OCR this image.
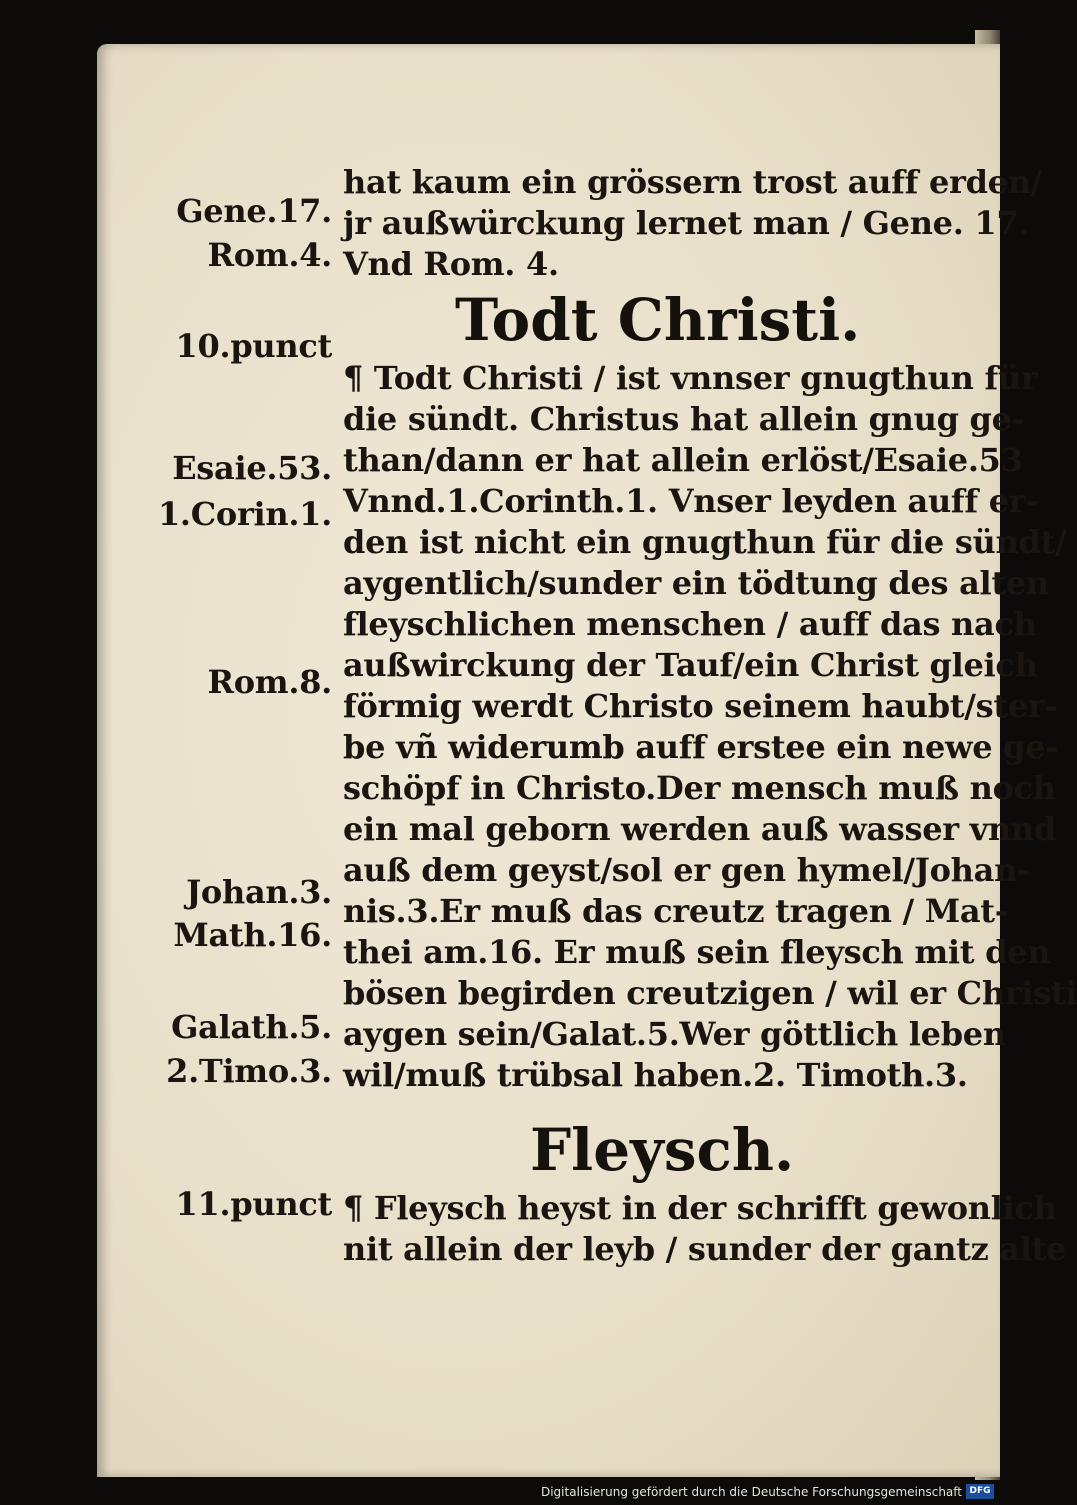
hat kaum ein grössern trost auff erden/
jr außwürckung lernet man / Gene. 17.
Vnd Rom. 4.
Todt Christi.
¶ Todt Christi / ist vnnser gnugthun für
die sündt. Christus hat allein gnug ge-
than/dann er hat allein erlöst/Esaie.53
Vnnd.1.Corinth.1. Vnser leyden auff er-
den ist nicht ein gnugthun für die sündt/
aygentlich/sunder ein tödtung des alten
fleyschlichen menschen / auff das nach
außwirckung der Tauf/ein Christ gleich
förmig werdt Christo seinem haubt/ster-
be vñ widerumb auff erstee ein newe ge-
schöpf in Christo.Der mensch muß noch
ein mal geborn werden auß wasser vnnd
auß dem geyst/sol er gen hymel/Johan-
nis.3.Er muß das creutz tragen / Mat-
thei am.16. Er muß sein fleysch mit den
bösen begirden creutzigen / wil er Christi
aygen sein/Galat.5.Wer göttlich leben
wil/muß trübsal haben.2. Timoth.3.
Fleysch.
¶ Fleysch heyst in der schrifft gewonlich
nit allein der leyb / sunder der gantz alte
Gene.17.
Rom.4.
10.punct
Esaie.53.
1.Corin.1.
Rom.8.
Johan.3.
Math.16.
Galath.5.
2.Timo.3.
11.punct
Digitalisierung gefördert durch die Deutsche Forschungsgemeinschaft DFG
